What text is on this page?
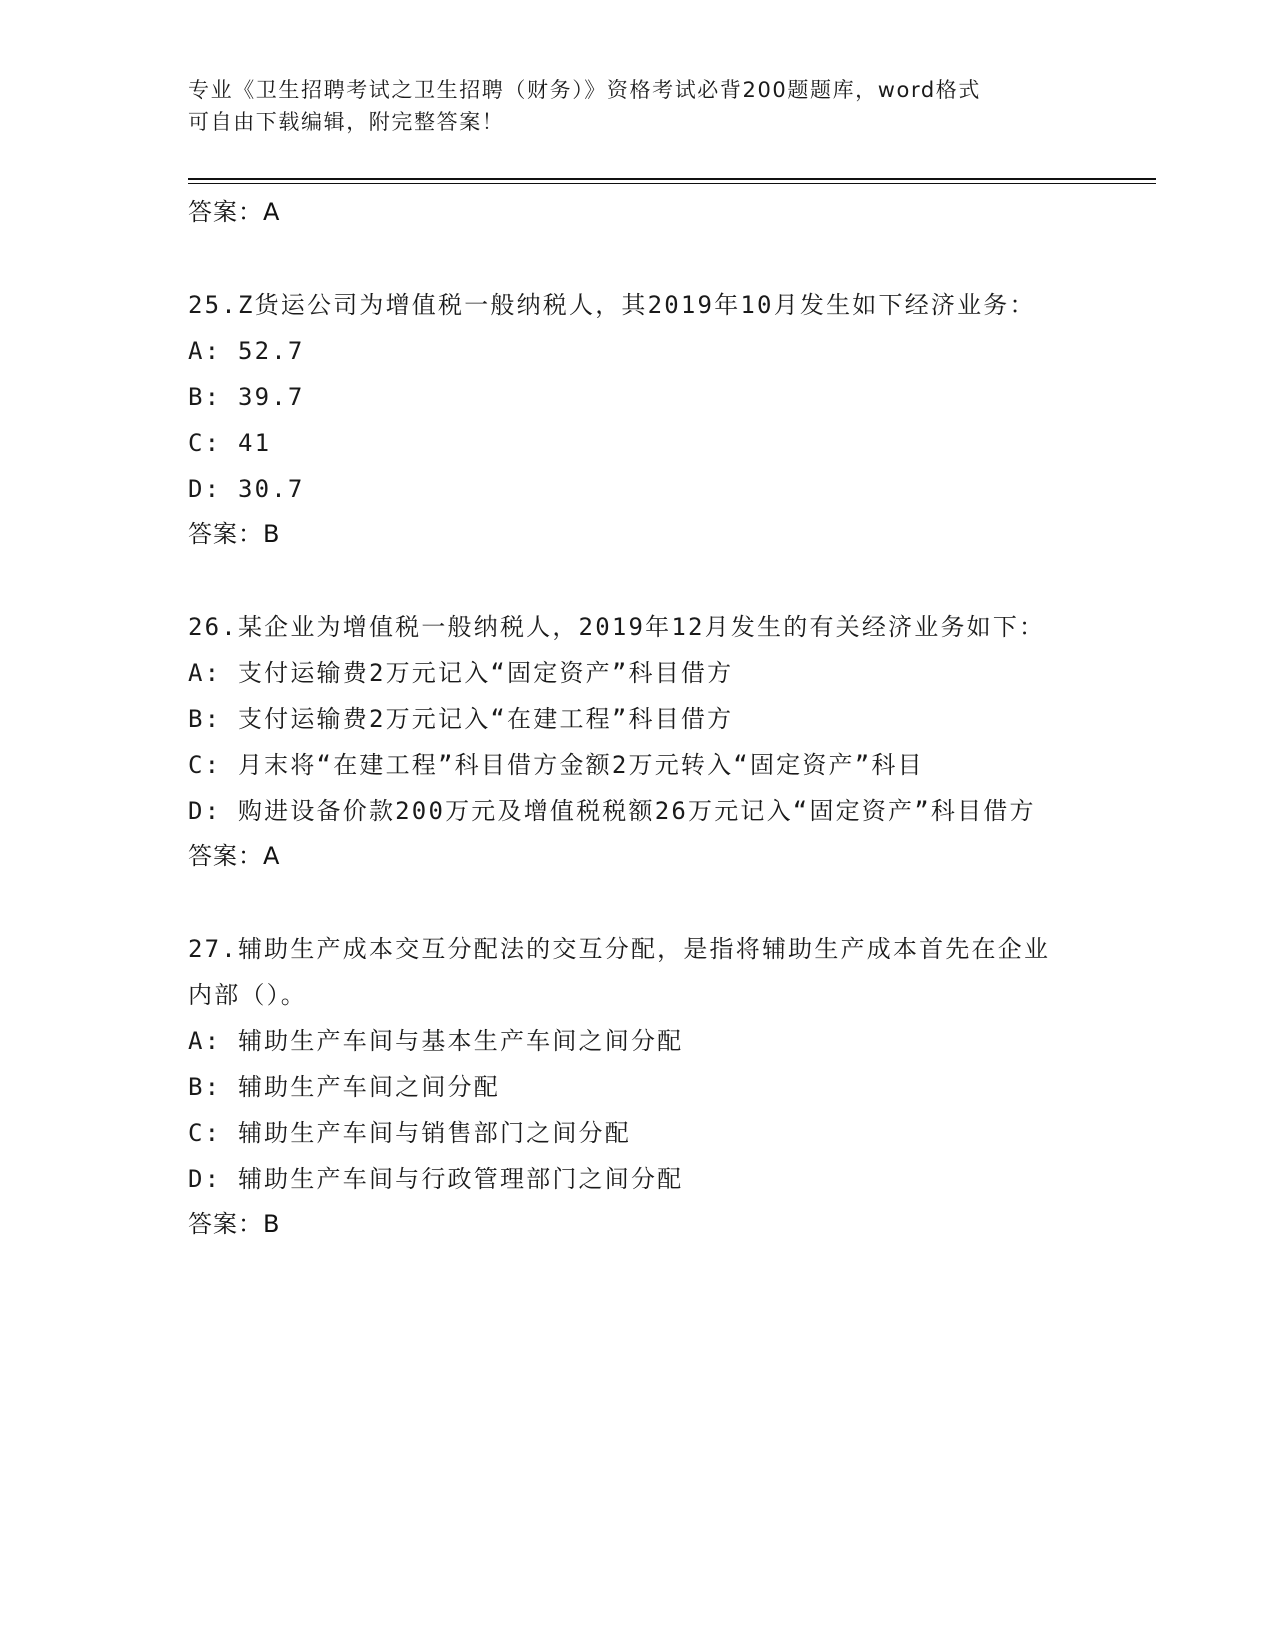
专业《卫生招聘考试之卫生招聘（财务）》资格考试必背200题题库，word格式
可自由下载编辑，附完整答案！
答案：A
25.Z货运公司为增值税一般纳税人，其2019年10月发生如下经济业务：
A: 52.7
B: 39.7
C: 41
D: 30.7
答案：B
26.某企业为增值税一般纳税人，2019年12月发生的有关经济业务如下：
A: 支付运输费2万元记入“固定资产”科目借方
B: 支付运输费2万元记入“在建工程”科目借方
C: 月末将“在建工程”科目借方金额2万元转入“固定资产”科目
D: 购进设备价款200万元及增值税税额26万元记入“固定资产”科目借方
答案：A
27.辅助生产成本交互分配法的交互分配，是指将辅助生产成本首先在企业内部（）。
A: 辅助生产车间与基本生产车间之间分配
B: 辅助生产车间之间分配
C: 辅助生产车间与销售部门之间分配
D: 辅助生产车间与行政管理部门之间分配
答案：B
